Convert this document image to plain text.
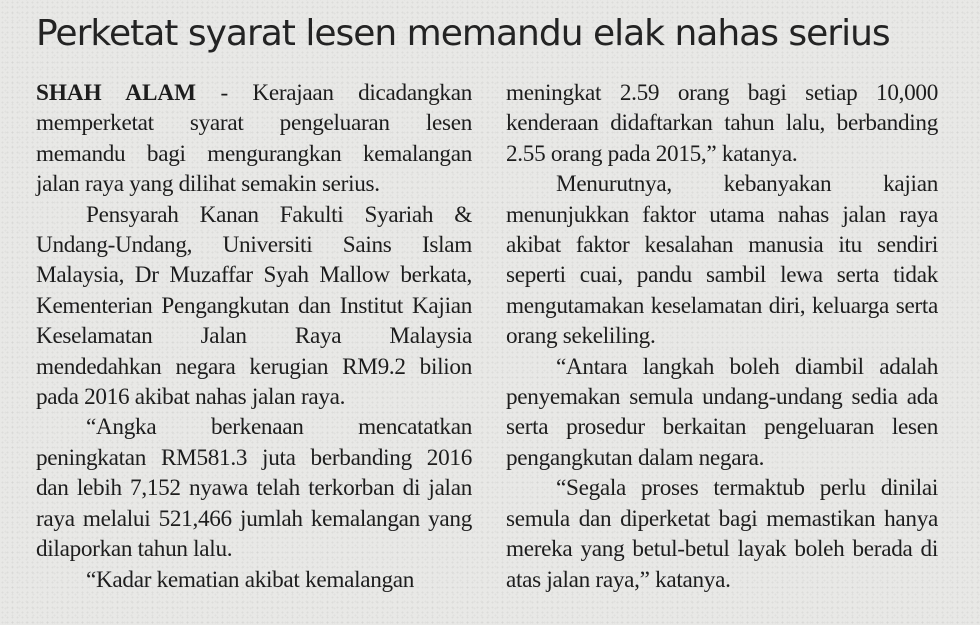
Perketat syarat lesen memandu elak nahas serius

SHAH ALAM - Kerajaan dicadangkan memperketat syarat pengeluaran lesen memandu bagi mengurangkan kemalangan jalan raya yang dilihat semakin serius.

Pensyarah Kanan Fakulti Syariah & Undang-Undang, Universiti Sains Islam Malaysia, Dr Muzaffar Syah Mallow berkata, Kementerian Pengangkutan dan Institut Kajian Keselamatan Jalan Raya Malaysia mendedahkan negara kerugian RM9.2 bilion pada 2016 akibat nahas jalan raya.

“Angka berkenaan mencatatkan peningkatan RM581.3 juta berbanding 2016 dan lebih 7,152 nyawa telah terkorban di jalan raya melalui 521,466 jumlah kemalangan yang dilaporkan tahun lalu.

“Kadar kematian akibat kemalangan

meningkat 2.59 orang bagi setiap 10,000 kenderaan didaftarkan tahun lalu, berbanding 2.55 orang pada 2015,” katanya.

Menurutnya, kebanyakan kajian menunjukkan faktor utama nahas jalan raya akibat faktor kesalahan manusia itu sendiri seperti cuai, pandu sambil lewa serta tidak mengutamakan keselamatan diri, keluarga serta orang sekeliling.

“Antara langkah boleh diambil adalah penyemakan semula undang-undang sedia ada serta prosedur berkaitan pengeluaran lesen pengangkutan dalam negara.

“Segala proses termaktub perlu dinilai semula dan diperketat bagi memastikan hanya mereka yang betul-betul layak boleh berada di atas jalan raya,” katanya.
